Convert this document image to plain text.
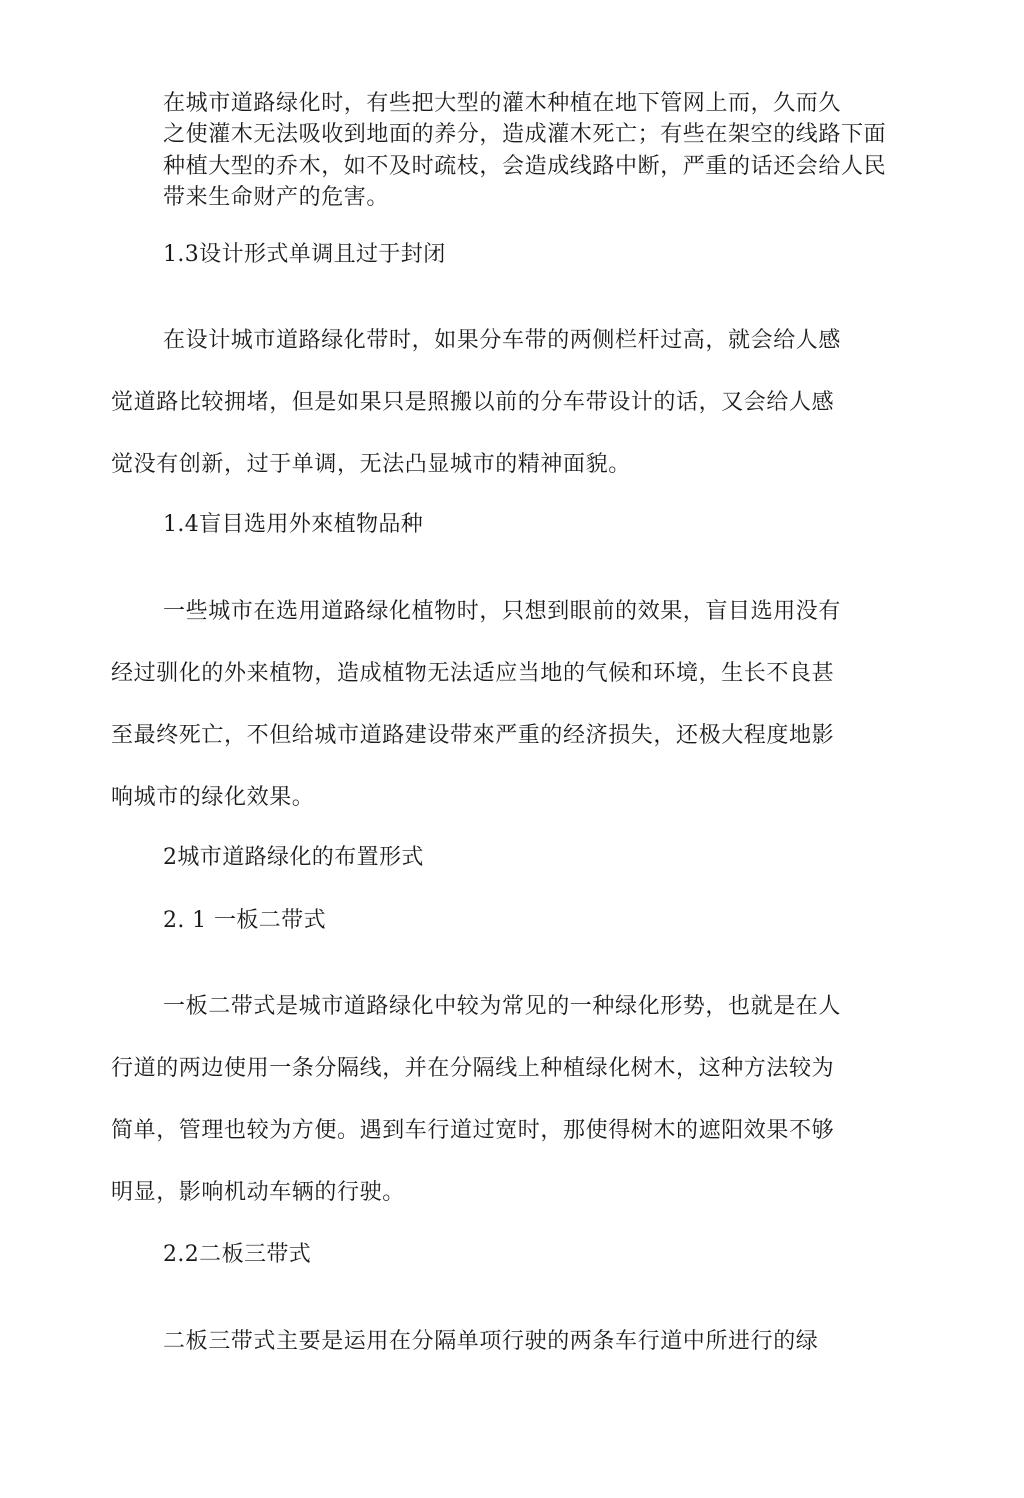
在城市道路绿化时，有些把大型的灌木种植在地下管网上而，久而久
之使灌木无法吸收到地面的养分，造成灌木死亡；有些在架空的线路下面
种植大型的乔木，如不及时疏枝，会造成线路中断，严重的话还会给人民
带来生命财产的危害。
1.3设计形式单调且过于封闭
在设计城市道路绿化带时，如果分车带的两侧栏杆过高，就会给人感
觉道路比较拥堵，但是如果只是照搬以前的分车带设计的话，又会给人感
觉没有创新，过于单调，无法凸显城市的精神面貌。
1.4盲目选用外來植物品种
一些城市在选用道路绿化植物时，只想到眼前的效果，盲目选用没有
经过驯化的外来植物，造成植物无法适应当地的气候和环境，生长不良甚
至最终死亡，不但给城市道路建设带來严重的经济损失，还极大程度地影
响城市的绿化效果。
2城市道路绿化的布置形式
2. 1 一板二带式
一板二带式是城市道路绿化中较为常见的一种绿化形势，也就是在人
行道的两边使用一条分隔线，并在分隔线上种植绿化树木，这种方法较为
简单，管理也较为方便。遇到车行道过宽时，那使得树木的遮阳效果不够
明显，影响机动车辆的行驶。
2.2二板三带式
二板三带式主要是运用在分隔单项行驶的两条车行道中所进行的绿
